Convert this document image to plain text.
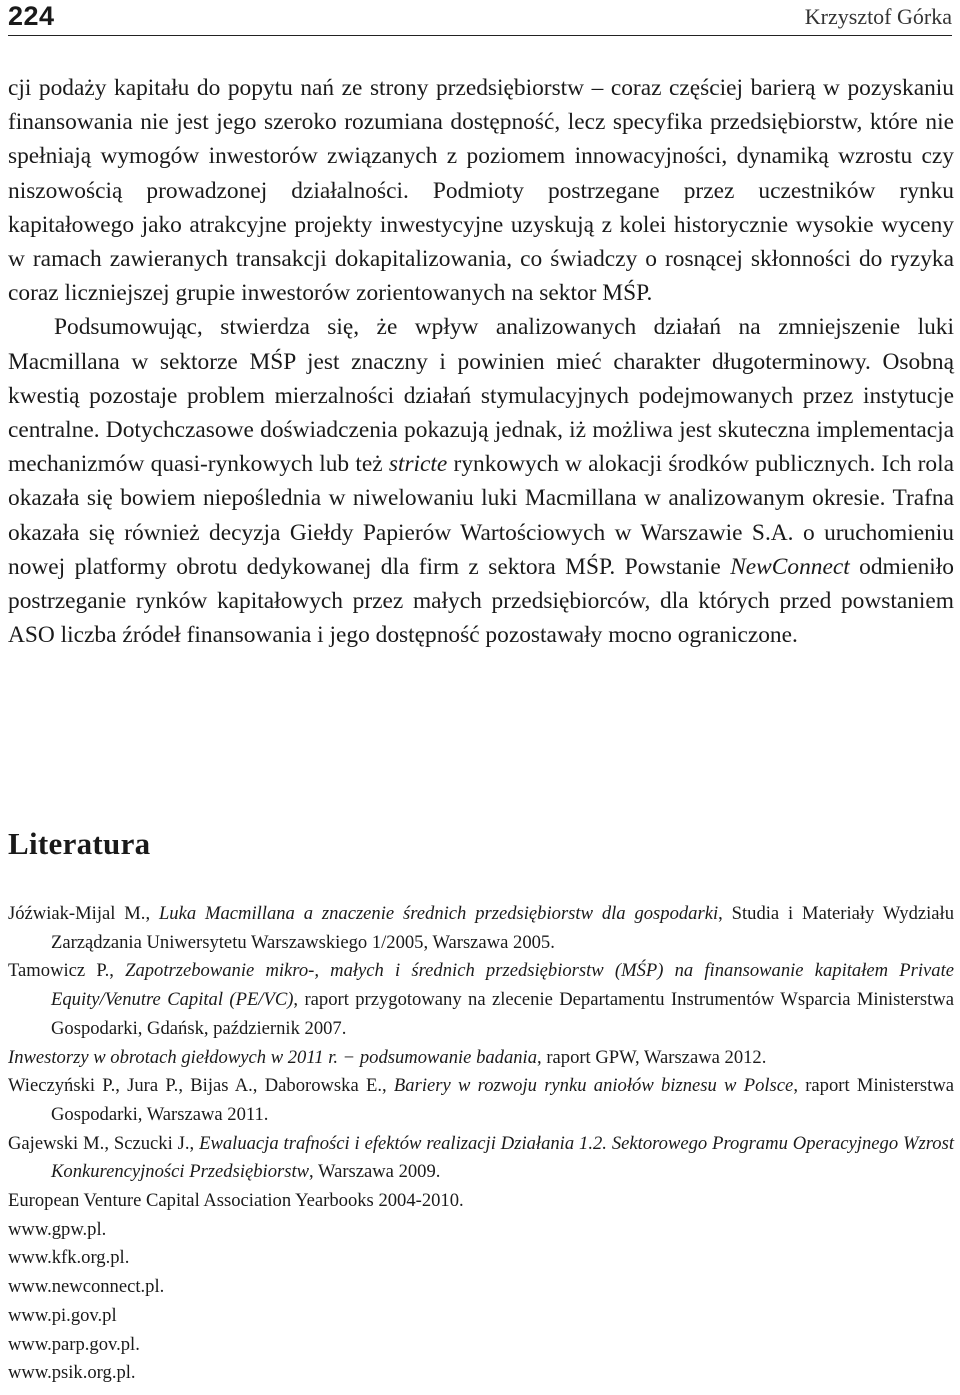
224	Krzysztof Górka

cji podaży kapitału do popytu nań ze strony przedsiębiorstw – coraz częściej barierą w pozyskaniu finansowania nie jest jego szeroko rozumiana dostępność, lecz specyfika przedsiębiorstw, które nie spełniają wymogów inwestorów związanych z poziomem innowacyjności, dynamiką wzrostu czy niszowością prowadzonej działalności. Podmioty postrzegane przez uczestników rynku kapitałowego jako atrakcyjne projekty inwestycyjne uzyskują z kolei historycznie wysokie wyceny w ramach zawieranych transakcji dokapitalizowania, co świadczy o rosnącej skłonności do ryzyka coraz liczniejszej grupie inwestorów zorientowanych na sektor MŚP.

Podsumowując, stwierdza się, że wpływ analizowanych działań na zmniejszenie luki Macmillana w sektorze MŚP jest znaczny i powinien mieć charakter długoterminowy. Osobną kwestią pozostaje problem mierzalności działań stymulacyjnych podejmowanych przez instytucje centralne. Dotychczasowe doświadczenia pokazują jednak, iż możliwa jest skuteczna implementacja mechanizmów quasi-rynkowych lub też stricte rynkowych w alokacji środków publicznych. Ich rola okazała się bowiem niepoślednia w niwelowaniu luki Macmillana w analizowanym okresie. Trafna okazała się również decyzja Giełdy Papierów Wartościowych w Warszawie S.A. o uruchomieniu nowej platformy obrotu dedykowanej dla firm z sektora MŚP. Powstanie NewConnect odmieniło postrzeganie rynków kapitałowych przez małych przedsiębiorców, dla których przed powstaniem ASO liczba źródeł finansowania i jego dostępność pozostawały mocno ograniczone.

Literatura
Jóźwiak-Mijal M., Luka Macmillana a znaczenie średnich przedsiębiorstw dla gospodarki, Studia i Materiały Wydziału Zarządzania Uniwersytetu Warszawskiego 1/2005, Warszawa 2005.
Tamowicz P., Zapotrzebowanie mikro-, małych i średnich przedsiębiorstw (MŚP) na finansowanie kapitałem Private Equity/Venutre Capital (PE/VC), raport przygotowany na zlecenie Departamentu Instrumentów Wsparcia Ministerstwa Gospodarki, Gdańsk, październik 2007.
Inwestorzy w obrotach giełdowych w 2011 r. − podsumowanie badania, raport GPW, Warszawa 2012.
Wieczyński P., Jura P., Bijas A., Daborowska E., Bariery w rozwoju rynku aniołów biznesu w Polsce, raport Ministerstwa Gospodarki, Warszawa 2011.
Gajewski M., Sczucki J., Ewaluacja trafności i efektów realizacji Działania 1.2. Sektorowego Programu Operacyjnego Wzrost Konkurencyjności Przedsiębiorstw, Warszawa 2009.
European Venture Capital Association Yearbooks 2004-2010.
www.gpw.pl.
www.kfk.org.pl.
www.newconnect.pl.
www.pi.gov.pl
www.parp.gov.pl.
www.psik.org.pl.
